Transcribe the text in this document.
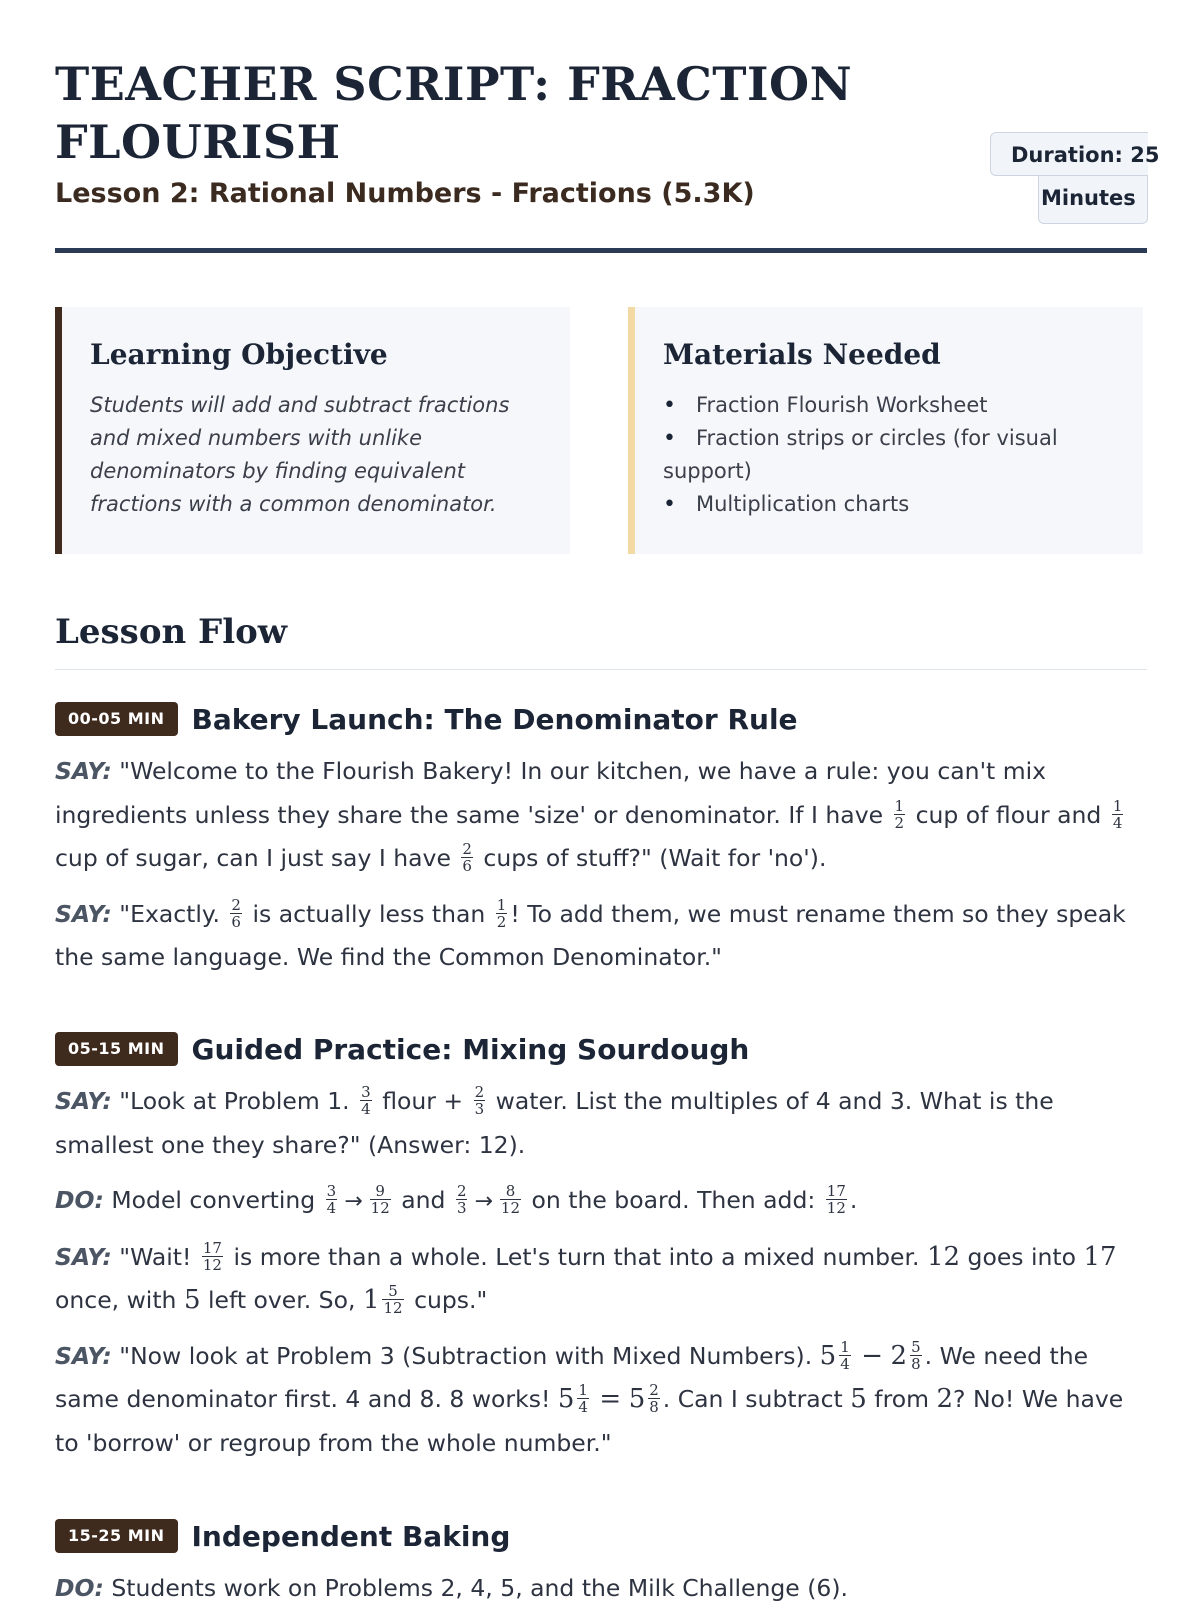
TEACHER SCRIPT: FRACTION FLOURISH

Lesson 2: Rational Numbers - Fractions (5.3K)

Duration: 25
Minutes
Learning Objective

Students will add and subtract fractions and mixed numbers with unlike denominators by finding equivalent fractions with a common denominator.

Materials Needed
• Fraction Flourish Worksheet
• Fraction strips or circles (for visual support)
• Multiplication charts
Lesson Flow
00-05 MIN Bakery Launch: The Denominator Rule

SAY: "Welcome to the Flourish Bakery! In our kitchen, we have a rule: you can't mix ingredients unless they share the same 'size' or denominator. If I have $\frac{1}{2}$ cup of flour and $\frac{1}{4}$
cup of sugar, can I just say I have $\frac{2}{6}$ cups of stuff?" (Wait for 'no').

SAY: "Exactly. $\frac{2}{6}$ is actually less than $\frac{1}{2}$ ! To add them, we must rename them so they speak the same language. We find the Common Denominator."

05-15 MIN Guided Practice: Mixing Sourdough

SAY: "Look at Problem 1. $\frac{3}{4}$ flour + $\frac{2}{3}$ water. List the multiples of 4 and 3. What is the smallest one they share?" (Answer: 12).

DO: Model converting $\frac{3}{4} \to \frac{9}{12}$ and $\frac{2}{3} \to \frac{8}{12}$ on the board. Then add: $\frac{17}{12}$ .

SAY: "Wait! $\frac{17}{12}$ is more than a whole. Let's turn that into a mixed number. 12 goes into 17 once, with 5 left over. So, $1 \frac{5}{12}$ cups."

SAY: "Now look at Problem 3 (Subtraction with Mixed Numbers). $5 \frac{1}{4} - 2 \frac{5}{8}$ . We need the same denominator first. 4 and 8. 8 works! $5 \frac{1}{4} = 5 \frac{2}{8}$ . Can I subtract 5 from 2? No! We have to 'borrow' or regroup from the whole number."

15-25 MIN Independent Baking

DO: Students work on Problems 2, 4, 5, and the Milk Challenge (6).
